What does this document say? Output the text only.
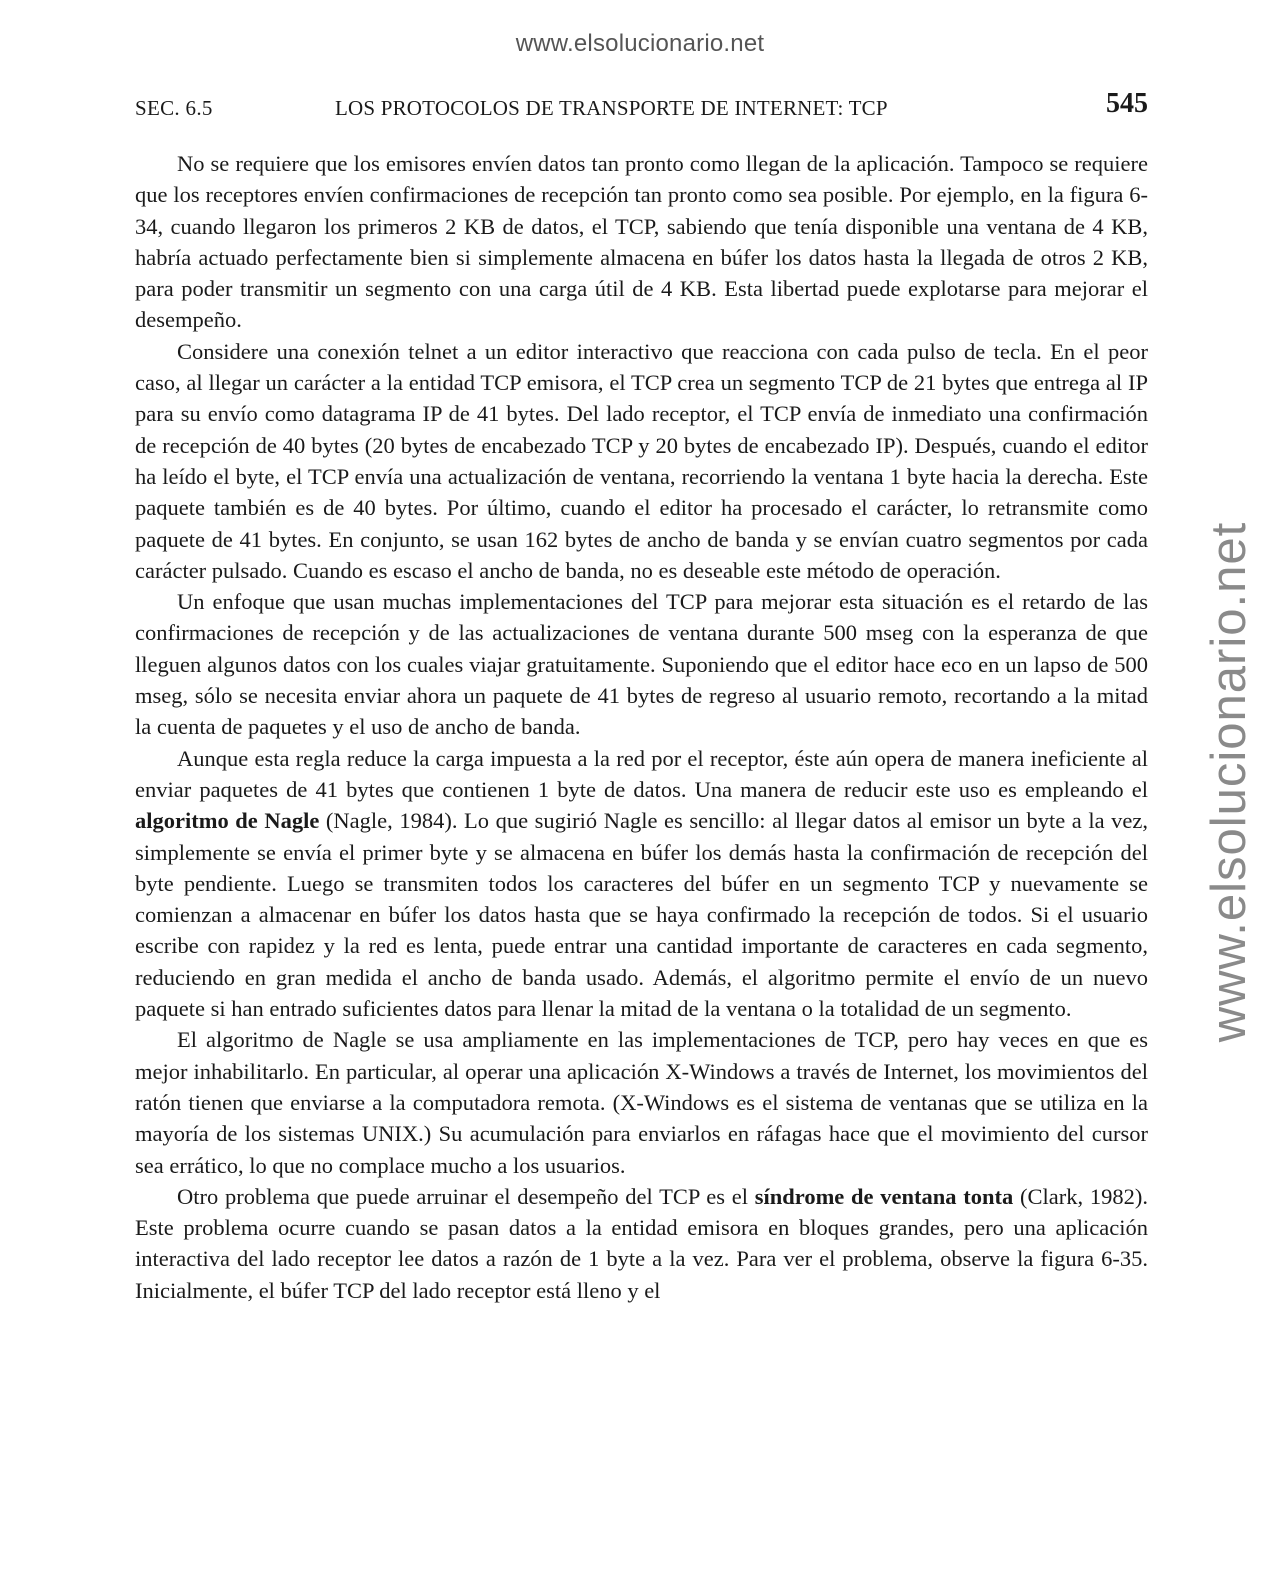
www.elsolucionario.net
www.elsolucionario.net
SEC. 6.5	LOS PROTOCOLOS DE TRANSPORTE DE INTERNET: TCP	545

No se requiere que los emisores envíen datos tan pronto como llegan de la aplicación. Tampoco se requiere que los receptores envíen confirmaciones de recepción tan pronto como sea posible. Por ejemplo, en la figura 6-34, cuando llegaron los primeros 2 KB de datos, el TCP, sabiendo que tenía disponible una ventana de 4 KB, habría actuado perfectamente bien si simplemente almacena en búfer los datos hasta la llegada de otros 2 KB, para poder transmitir un segmento con una carga útil de 4 KB. Esta libertad puede explotarse para mejorar el desempeño.

Considere una conexión telnet a un editor interactivo que reacciona con cada pulso de tecla. En el peor caso, al llegar un carácter a la entidad TCP emisora, el TCP crea un segmento TCP de 21 bytes que entrega al IP para su envío como datagrama IP de 41 bytes. Del lado receptor, el TCP envía de inmediato una confirmación de recepción de 40 bytes (20 bytes de encabezado TCP y 20 bytes de encabezado IP). Después, cuando el editor ha leído el byte, el TCP envía una actualización de ventana, recorriendo la ventana 1 byte hacia la derecha. Este paquete también es de 40 bytes. Por último, cuando el editor ha procesado el carácter, lo retransmite como paquete de 41 bytes. En conjunto, se usan 162 bytes de ancho de banda y se envían cuatro segmentos por cada carácter pulsado. Cuando es escaso el ancho de banda, no es deseable este método de operación.

Un enfoque que usan muchas implementaciones del TCP para mejorar esta situación es el retardo de las confirmaciones de recepción y de las actualizaciones de ventana durante 500 mseg con la esperanza de que lleguen algunos datos con los cuales viajar gratuitamente. Suponiendo que el editor hace eco en un lapso de 500 mseg, sólo se necesita enviar ahora un paquete de 41 bytes de regreso al usuario remoto, recortando a la mitad la cuenta de paquetes y el uso de ancho de banda.

Aunque esta regla reduce la carga impuesta a la red por el receptor, éste aún opera de manera ineficiente al enviar paquetes de 41 bytes que contienen 1 byte de datos. Una manera de reducir este uso es empleando el algoritmo de Nagle (Nagle, 1984). Lo que sugirió Nagle es sencillo: al llegar datos al emisor un byte a la vez, simplemente se envía el primer byte y se almacena en búfer los demás hasta la confirmación de recepción del byte pendiente. Luego se transmiten todos los caracteres del búfer en un segmento TCP y nuevamente se comienzan a almacenar en búfer los datos hasta que se haya confirmado la recepción de todos. Si el usuario escribe con rapidez y la red es lenta, puede entrar una cantidad importante de caracteres en cada segmento, reduciendo en gran medida el ancho de banda usado. Además, el algoritmo permite el envío de un nuevo paquete si han entrado suficientes datos para llenar la mitad de la ventana o la totalidad de un segmento.

El algoritmo de Nagle se usa ampliamente en las implementaciones de TCP, pero hay veces en que es mejor inhabilitarlo. En particular, al operar una aplicación X-Windows a través de Internet, los movimientos del ratón tienen que enviarse a la computadora remota. (X-Windows es el sistema de ventanas que se utiliza en la mayoría de los sistemas UNIX.) Su acumulación para enviarlos en ráfagas hace que el movimiento del cursor sea errático, lo que no complace mucho a los usuarios.

Otro problema que puede arruinar el desempeño del TCP es el síndrome de ventana tonta (Clark, 1982). Este problema ocurre cuando se pasan datos a la entidad emisora en bloques grandes, pero una aplicación interactiva del lado receptor lee datos a razón de 1 byte a la vez. Para ver el problema, observe la figura 6-35. Inicialmente, el búfer TCP del lado receptor está lleno y el
